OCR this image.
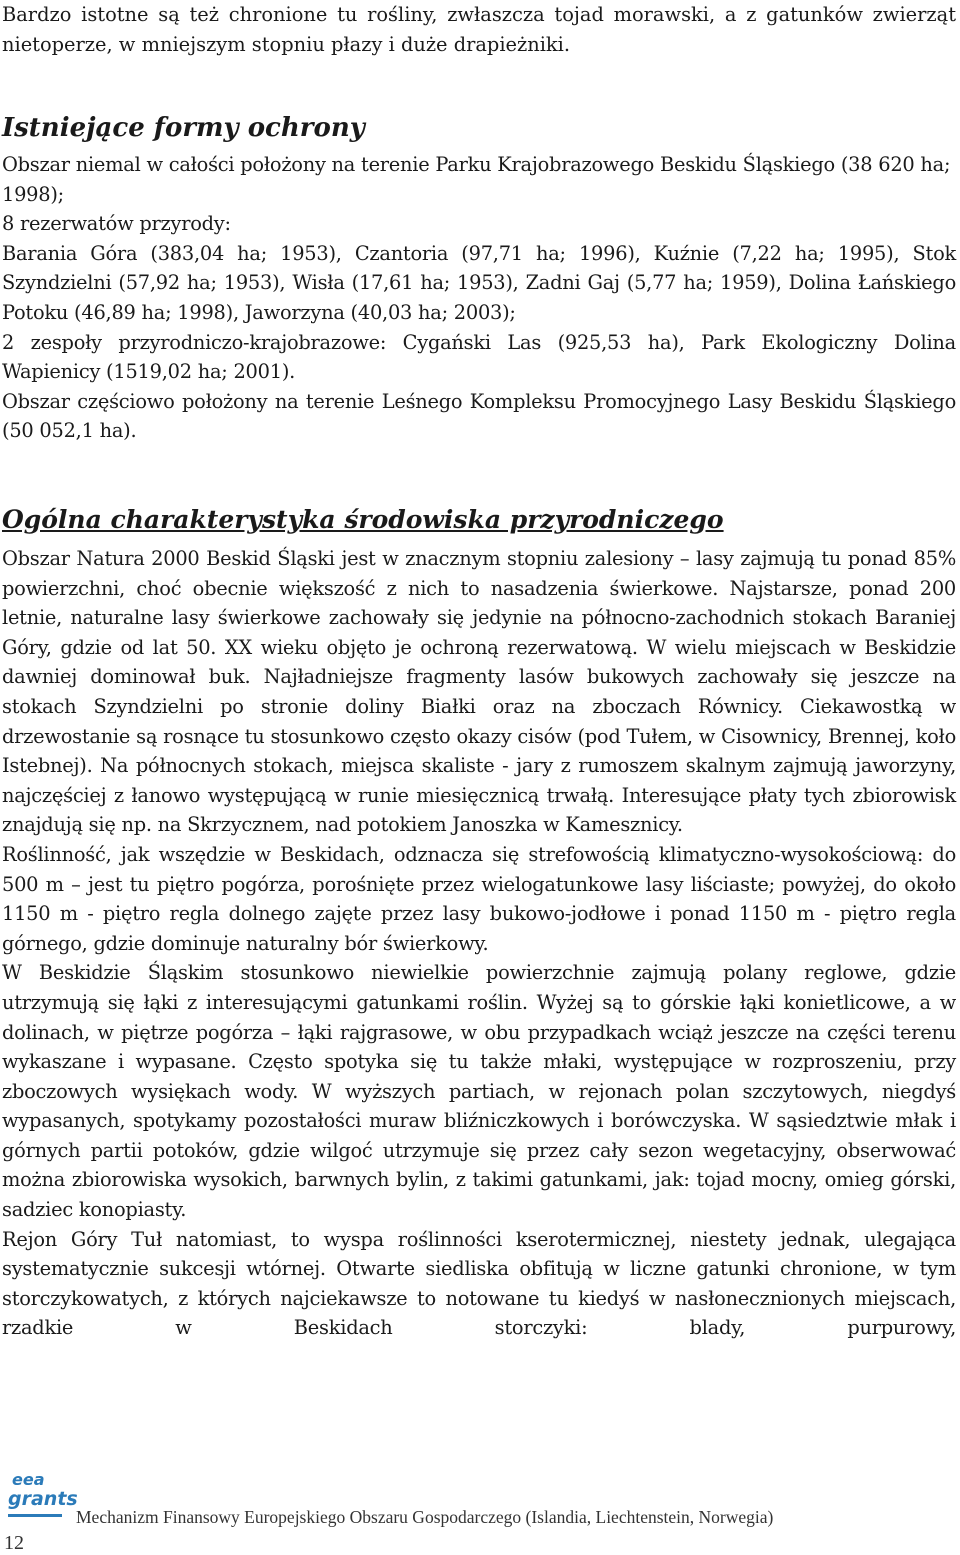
Bardzo istotne są też chronione tu rośliny, zwłaszcza tojad morawski, a z gatunków zwierząt nietoperze, w mniejszym stopniu płazy i duże drapieżniki.

Istniejące formy ochrony

Obszar niemal w całości położony na terenie Parku Krajobrazowego Beskidu Śląskiego (38 620 ha; 1998);

8 rezerwatów przyrody:

Barania Góra (383,04 ha; 1953), Czantoria (97,71 ha; 1996), Kuźnie (7,22 ha; 1995), Stok Szyndzielni (57,92 ha; 1953), Wisła (17,61 ha; 1953), Zadni Gaj (5,77 ha; 1959), Dolina Łańskiego Potoku (46,89 ha; 1998), Jaworzyna (40,03 ha; 2003);

2 zespoły przyrodniczo-krajobrazowe: Cygański Las (925,53 ha), Park Ekologiczny Dolina Wapienicy (1519,02 ha; 2001).

Obszar częściowo położony na terenie Leśnego Kompleksu Promocyjnego Lasy Beskidu Śląskiego (50 052,1 ha).

Ogólna charakterystyka środowiska przyrodniczego

Obszar Natura 2000 Beskid Śląski jest w znacznym stopniu zalesiony – lasy zajmują tu ponad 85% powierzchni, choć obecnie większość z nich to nasadzenia świerkowe. Najstarsze, ponad 200 letnie, naturalne lasy świerkowe zachowały się jedynie na północno-zachodnich stokach Baraniej Góry, gdzie od lat 50. XX wieku objęto je ochroną rezerwatową. W wielu miejscach w Beskidzie dawniej dominował buk. Najładniejsze fragmenty lasów bukowych zachowały się jeszcze na stokach Szyndzielni po stronie doliny Białki oraz na zboczach Równicy. Ciekawostką w drzewostanie są rosnące tu stosunkowo często okazy cisów (pod Tułem, w Cisownicy, Brennej, koło Istebnej). Na północnych stokach, miejsca skaliste - jary z rumoszem skalnym zajmują jaworzyny, najczęściej z łanowo występującą w runie miesięcznicą trwałą. Interesujące płaty tych zbiorowisk znajdują się np. na Skrzycznem, nad potokiem Janoszka w Kamesznicy.

Roślinność, jak wszędzie w Beskidach, odznacza się strefowością klimatyczno-wysokościową: do 500 m – jest tu piętro pogórza, porośnięte przez wielogatunkowe lasy liściaste; powyżej, do około 1150 m - piętro regla dolnego zajęte przez lasy bukowo-jodłowe i ponad 1150 m - piętro regla górnego, gdzie dominuje naturalny bór świerkowy.

W Beskidzie Śląskim stosunkowo niewielkie powierzchnie zajmują polany reglowe, gdzie utrzymują się łąki z interesującymi gatunkami roślin. Wyżej są to górskie łąki konietlicowe, a w dolinach, w piętrze pogórza – łąki rajgrasowe, w obu przypadkach wciąż jeszcze na części terenu wykaszane i wypasane. Często spotyka się tu także młaki, występujące w rozproszeniu, przy zboczowych wysiękach wody. W wyższych partiach, w rejonach polan szczytowych, niegdyś wypasanych, spotykamy pozostałości muraw bliźniczkowych i borówczyska. W sąsiedztwie młak i górnych partii potoków, gdzie wilgoć utrzymuje się przez cały sezon wegetacyjny, obserwować można zbiorowiska wysokich, barwnych bylin, z takimi gatunkami, jak: tojad mocny, omieg górski, sadziec konopiasty.

Rejon Góry Tuł natomiast, to wyspa roślinności kserotermicznej, niestety jednak, ulegająca systematycznie sukcesji wtórnej. Otwarte siedliska obfitują w liczne gatunki chronione, w tym storczykowatych, z których najciekawsze to notowane tu kiedyś w nasłonecznionych miejscach, rzadkie w Beskidach storczyki: blady, purpurowy,

eea
grants
Mechanizm Finansowy Europejskiego Obszaru Gospodarczego (Islandia, Liechtenstein, Norwegia)
12
